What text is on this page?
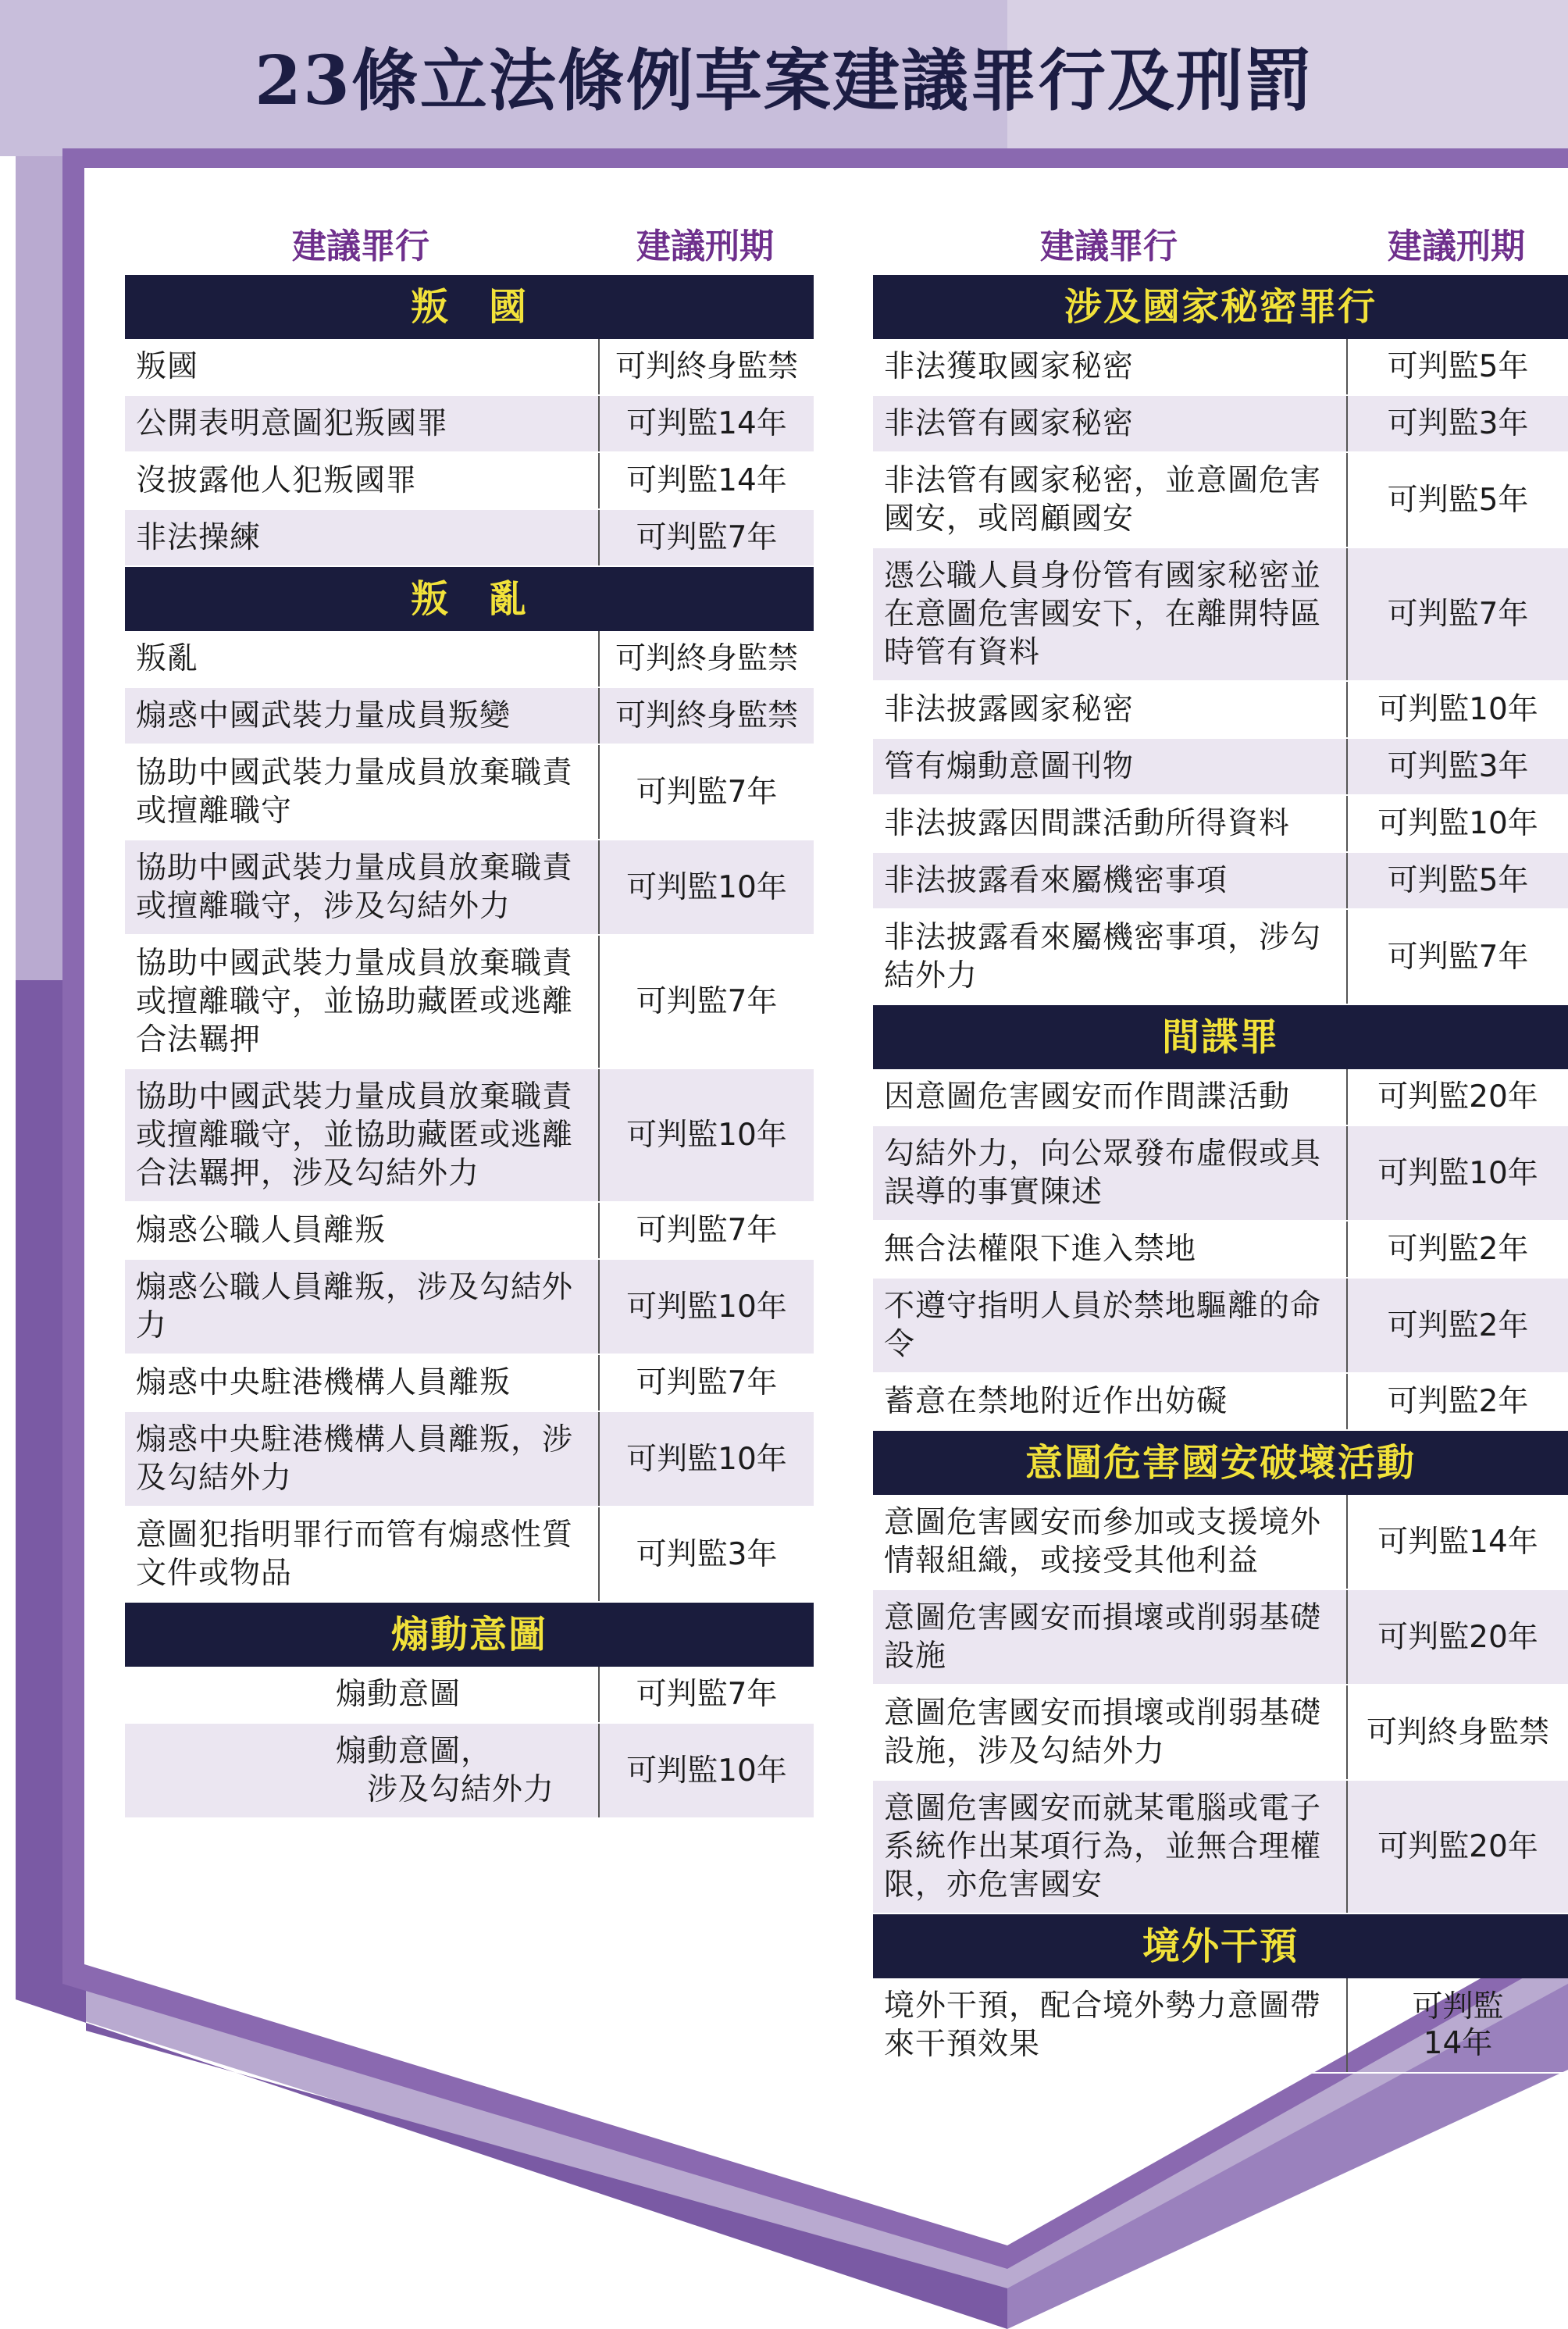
23條立法條例草案建議罪行及刑罰
建議罪行	建議刑期
叛　國
叛國	可判終身監禁
公開表明意圖犯叛國罪	可判監14年
沒披露他人犯叛國罪	可判監14年
非法操練	可判監7年
叛　亂
叛亂	可判終身監禁
煽惑中國武裝力量成員叛變	可判終身監禁
協助中國武裝力量成員放棄職責或擅離職守
可判監7年
協助中國武裝力量成員放棄職責或擅離職守，涉及勾結外力
可判監10年
協助中國武裝力量成員放棄職責或擅離職守，並協助藏匿或逃離合法羈押
可判監7年
協助中國武裝力量成員放棄職責或擅離職守，並協助藏匿或逃離合法羈押，涉及勾結外力
可判監10年
煽惑公職人員離叛	可判監7年
煽惑公職人員離叛，涉及勾結外力
可判監10年
煽惑中央駐港機構人員離叛	可判監7年
煽惑中央駐港機構人員離叛，涉及勾結外力
可判監10年
意圖犯指明罪行而管有煽惑性質文件或物品
可判監3年
煽動意圖
煽動意圖	可判監7年
煽動意圖，
　涉及勾結外力
可判監10年
建議罪行	建議刑期
涉及國家秘密罪行
非法獲取國家秘密	可判監5年
非法管有國家秘密	可判監3年
非法管有國家秘密，並意圖危害國安，或罔顧國安
可判監5年
憑公職人員身份管有國家秘密並在意圖危害國安下，在離開特區時管有資料
可判監7年
非法披露國家秘密	可判監10年
管有煽動意圖刊物	可判監3年
非法披露因間諜活動所得資料	可判監10年
非法披露看來屬機密事項	可判監5年
非法披露看來屬機密事項，涉勾結外力
可判監7年
間諜罪
因意圖危害國安而作間諜活動	可判監20年
勾結外力，向公眾發布虛假或具誤導的事實陳述
可判監10年
無合法權限下進入禁地	可判監2年
不遵守指明人員於禁地驅離的命令
可判監2年
蓄意在禁地附近作出妨礙	可判監2年
意圖危害國安破壞活動
意圖危害國安而參加或支援境外情報組織，或接受其他利益
可判監14年
意圖危害國安而損壞或削弱基礎設施
可判監20年
意圖危害國安而損壞或削弱基礎設施，涉及勾結外力
可判終身監禁
意圖危害國安而就某電腦或電子系統作出某項行為，並無合理權限，亦危害國安
可判監20年
境外干預
境外干預，配合境外勢力意圖帶來干預效果
可判監
14年
